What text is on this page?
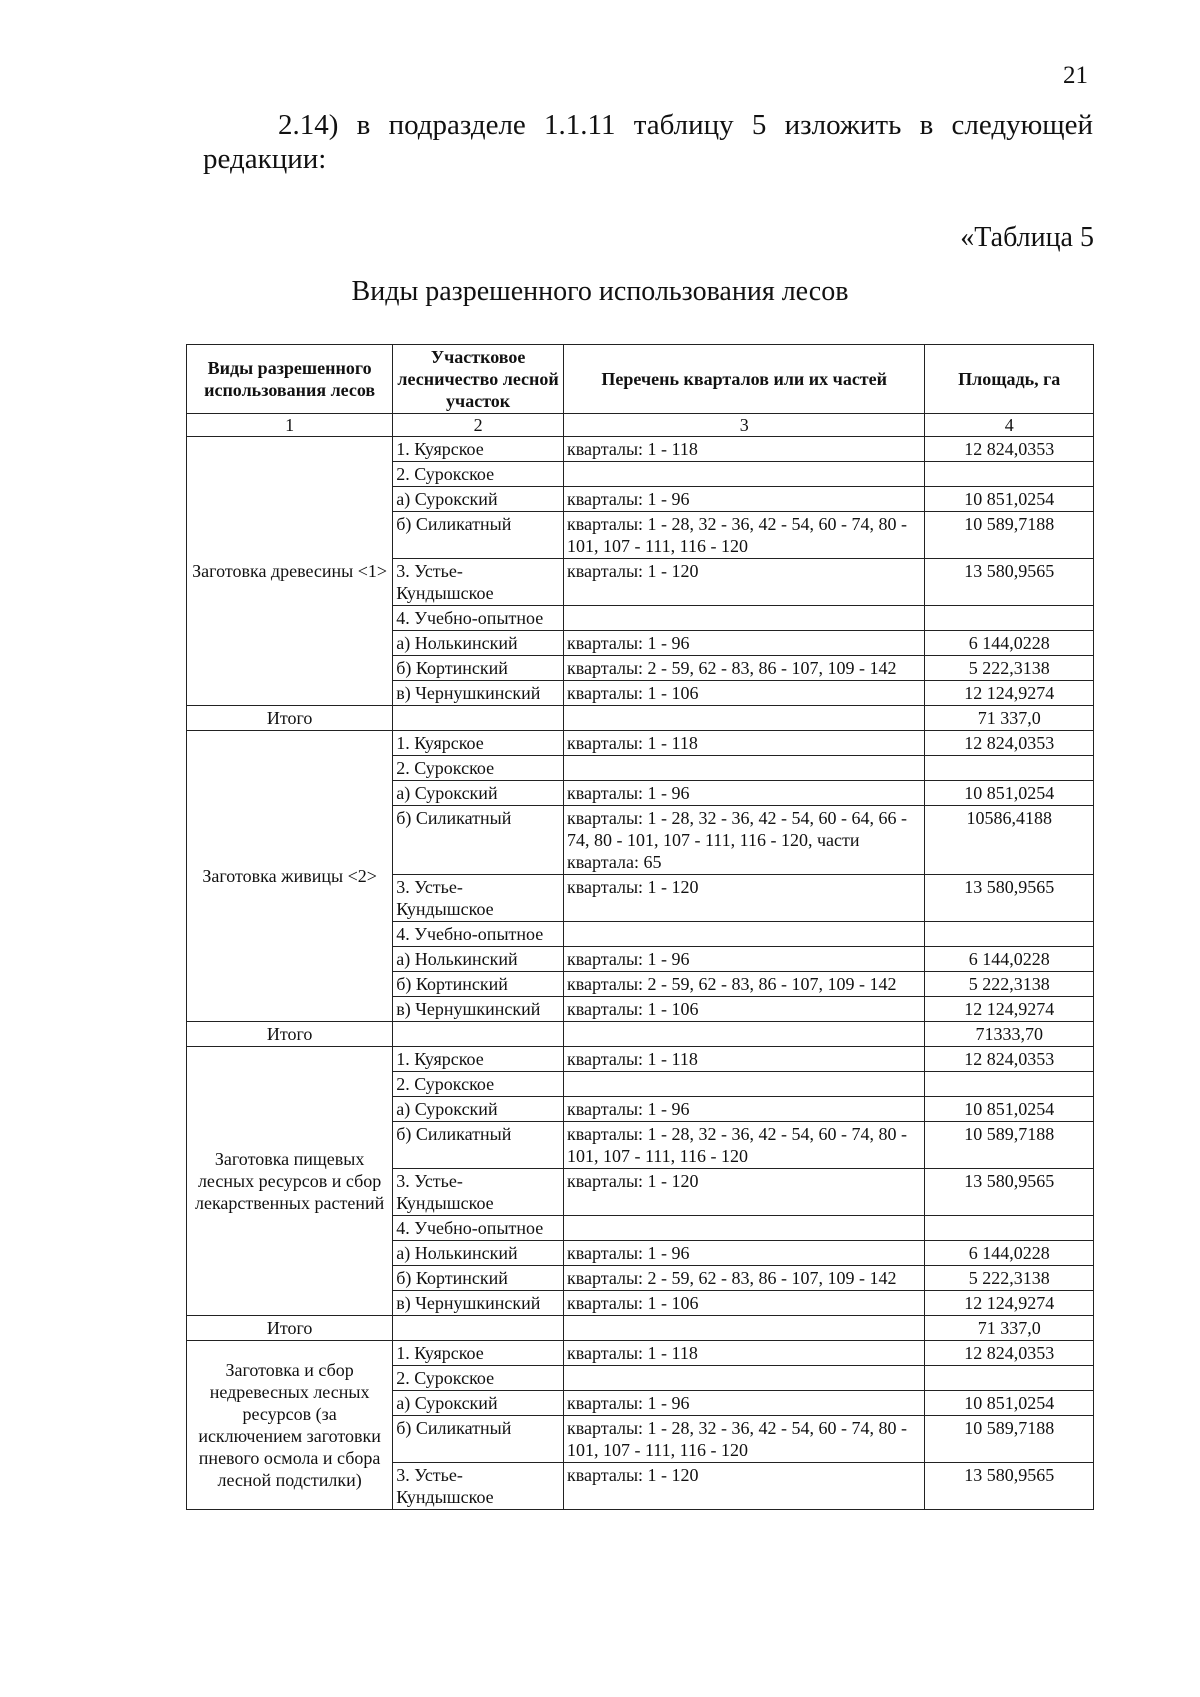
21
2.14) в подразделе 1.1.11 таблицу 5 изложить в следующей
редакции:
«Таблица 5
Виды разрешенного использования лесов
Виды разрешенного использования лесов	Участковое лесничество лесной участок	Перечень кварталов или их частей	Площадь, га
1	2	3	4
Заготовка древесины <1>	1. Куярское	кварталы: 1 - 118	12 824,0353
	2. Сурокское		
	а) Сурокский	кварталы: 1 - 96	10 851,0254
	б) Силикатный	кварталы: 1 - 28, 32 - 36, 42 - 54, 60 - 74, 80 - 101, 107 - 111, 116 - 120	10 589,7188
	3. Устье-Кундышское	кварталы: 1 - 120	13 580,9565
	4. Учебно-опытное		
	а) Нолькинский	кварталы: 1 - 96	6 144,0228
	б) Кортинский	кварталы: 2 - 59, 62 - 83, 86 - 107, 109 - 142	5 222,3138
	в) Чернушкинский	кварталы: 1 - 106	12 124,9274
Итого			71 337,0
Заготовка живицы <2>	1. Куярское	кварталы: 1 - 118	12 824,0353
	2. Сурокское		
	а) Сурокский	кварталы: 1 - 96	10 851,0254
	б) Силикатный	кварталы: 1 - 28, 32 - 36, 42 - 54, 60 - 64, 66 - 74, 80 - 101, 107 - 111, 116 - 120, части квартала: 65	10586,4188
	3. Устье-Кундышское	кварталы: 1 - 120	13 580,9565
	4. Учебно-опытное		
	а) Нолькинский	кварталы: 1 - 96	6 144,0228
	б) Кортинский	кварталы: 2 - 59, 62 - 83, 86 - 107, 109 - 142	5 222,3138
	в) Чернушкинский	кварталы: 1 - 106	12 124,9274
Итого			71333,70
Заготовка пищевых лесных ресурсов и сбор лекарственных растений	1. Куярское	кварталы: 1 - 118	12 824,0353
	2. Сурокское		
	а) Сурокский	кварталы: 1 - 96	10 851,0254
	б) Силикатный	кварталы: 1 - 28, 32 - 36, 42 - 54, 60 - 74, 80 - 101, 107 - 111, 116 - 120	10 589,7188
	3. Устье-Кундышское	кварталы: 1 - 120	13 580,9565
	4. Учебно-опытное		
	а) Нолькинский	кварталы: 1 - 96	6 144,0228
	б) Кортинский	кварталы: 2 - 59, 62 - 83, 86 - 107, 109 - 142	5 222,3138
	в) Чернушкинский	кварталы: 1 - 106	12 124,9274
Итого			71 337,0
Заготовка и сбор недревесных лесных ресурсов (за исключением заготовки пневого осмола и сбора лесной подстилки)	1. Куярское	кварталы: 1 - 118	12 824,0353
	2. Сурокское		
	а) Сурокский	кварталы: 1 - 96	10 851,0254
	б) Силикатный	кварталы: 1 - 28, 32 - 36, 42 - 54, 60 - 74, 80 - 101, 107 - 111, 116 - 120	10 589,7188
	3. Устье-Кундышское	кварталы: 1 - 120	13 580,9565
